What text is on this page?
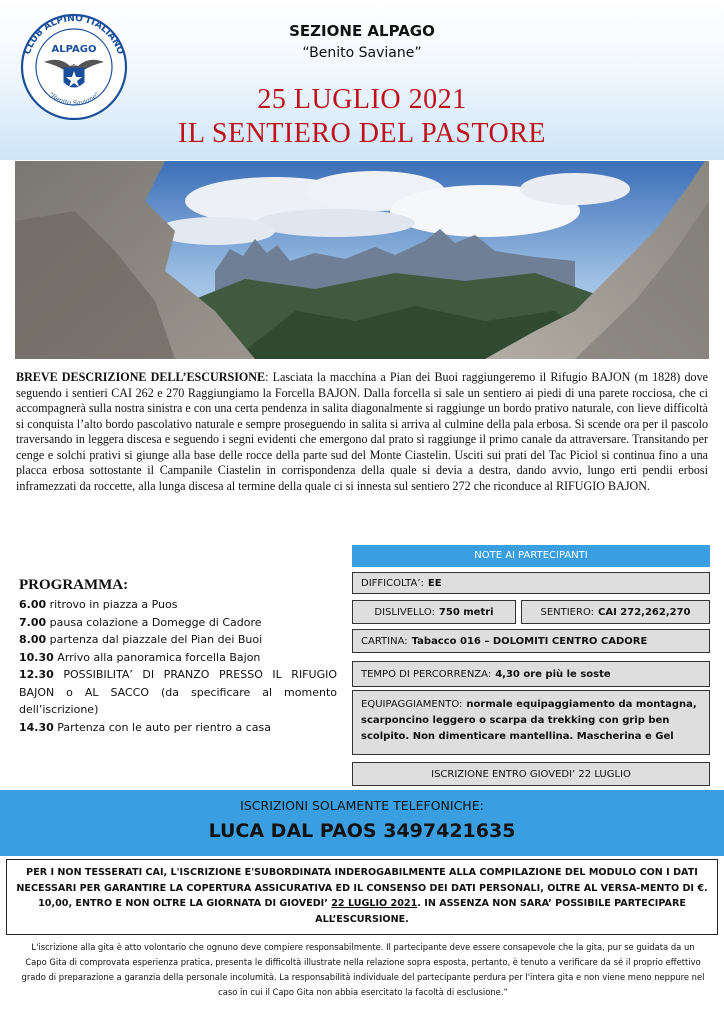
CLUB ALPINO ITALIANO
ALPAGO
CAI
"Benito Saviane"
SEZIONE ALPAGO
“Benito Saviane”
25 LUGLIO 2021
IL SENTIERO DEL PASTORE
BREVE DESCRIZIONE DELL’ESCURSIONE: Lasciata la macchina a Pian dei Buoi raggiungeremo il Rifugio BAJON (m 1828) dove seguendo i sentieri CAI 262 e 270 Raggiungiamo la Forcella BAJON. Dalla forcella si sale un sentiero ai piedi di una parete rocciosa, che ci accompagnerà sulla nostra sinistra e con una certa pendenza in salita diagonalmente si raggiunge un bordo prativo naturale, con lieve difficoltà si conquista l’alto bordo pascolativo naturale e sempre proseguendo in salita si arriva al culmine della pala erbosa. Si scende ora per il pascolo traversando in leggera discesa e seguendo i segni evidenti che emergono dal prato si raggiunge il primo canale da attraversare. Transitando per cenge e solchi prativi si giunge alla base delle rocce della parte sud del Monte Ciastelin. Usciti sui prati del Tac Piciol si continua fino a una placca erbosa sottostante il Campanile Ciastelin in corrispondenza della quale si devia a destra, dando avvio, lungo erti pendii erbosi inframezzati da roccette, alla lunga discesa al termine della quale ci si innesta sul sentiero 272 che riconduce al RIFUGIO BAJON.
PROGRAMMA:
6.00 ritrovo in piazza a Puos
7.00 pausa colazione a Domegge di Cadore
8.00 partenza dal piazzale del Pian dei Buoi
10.30 Arrivo alla panoramica forcella Bajon
12.30 POSSIBILITA’ DI PRANZO PRESSO IL RIFUGIO BAJON o AL SACCO (da specificare al momento dell’iscrizione)
14.30 Partenza con le auto per rientro a casa
NOTE AI PARTECIPANTI
DIFFICOLTA’: EE
DISLIVELLO: 750 metri	SENTIERO: CAI 272,262,270
CARTINA: Tabacco 016 – DOLOMITI CENTRO CADORE
TEMPO DI PERCORRENZA: 4,30 ore più le soste
EQUIPAGGIAMENTO: normale equipaggiamento da montagna, scarponcino leggero o scarpa da trekking con grip ben scolpito. Non dimenticare mantellina. Mascherina e Gel
ISCRIZIONE ENTRO GIOVEDI’ 22 LUGLIO
ISCRIZIONI SOLAMENTE TELEFONICHE:
LUCA DAL PAOS 3497421635
PER I NON TESSERATI CAI, L'ISCRIZIONE E'SUBORDINATA INDEROGABILMENTE ALLA COMPILAZIONE DEL MODULO CON I DATI NECESSARI PER GARANTIRE LA COPERTURA ASSICURATIVA ED IL CONSENSO DEI DATI PERSONALI, OLTRE AL VERSA-MENTO DI €. 10,00, ENTRO E NON OLTRE LA GIORNATA DI GIOVEDI’ 22 LUGLIO 2021. IN ASSENZA NON SARA’ POSSIBILE PARTECIPARE ALL’ESCURSIONE.
L'iscrizione alla gita è atto volontario che ognuno deve compiere responsabilmente. Il partecipante deve essere consapevole che la gita, pur se guidata da un Capo Gita di comprovata esperienza pratica, presenta le difficoltà illustrate nella relazione sopra esposta, pertanto, è tenuto a verificare da sé il proprio effettivo grado di preparazione a garanzia della personale incolumità. La responsabilità individuale del partecipante perdura per l'intera gita e non viene meno neppure nel caso in cui il Capo Gita non abbia esercitato la facoltà di esclusione.”
